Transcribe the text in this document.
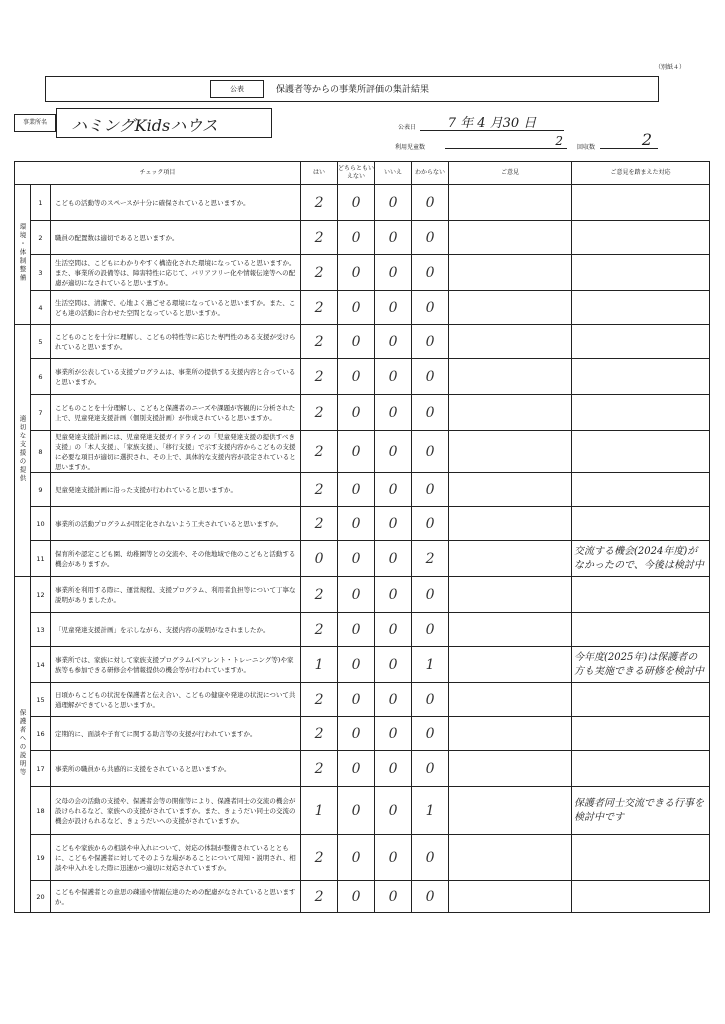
（別紙４）
公表	保護者等からの事業所評価の集計結果
事業所名	ハミングKidsハウス	公表日	7 年 4 月30 日
利用児童数	2	回収数	2
チェック項目			はい	どちらともいえない	いいえ	わからない	ご意見	ご意見を踏まえた対応
環境・体制整備	1	こどもの活動等のスペースが十分に確保されていると思いますか。	2	0	0	0		
	2	職員の配置数は適切であると思いますか。	2	0	0	0		
	3	生活空間は、こどもにわかりやすく構造化された環境になっていると思いますか。また、事業所の設備等は、障害特性に応じて、バリアフリー化や情報伝達等への配慮が適切になされていると思いますか。	2	0	0	0		
	4	生活空間は、清潔で、心地よく過ごせる環境になっていると思いますか。また、こども達の活動に合わせた空間となっていると思いますか。	2	0	0	0		
適切な支援の提供	5	こどものことを十分に理解し、こどもの特性等に応じた専門性のある支援が受けられていると思いますか。	2	0	0	0		
	6	事業所が公表している支援プログラムは、事業所の提供する支援内容と合っていると思いますか。	2	0	0	0		
	7	こどものことを十分理解し、こどもと保護者のニーズや課題が客観的に分析された上で、児童発達支援計画（個別支援計画）が作成されていると思いますか。	2	0	0	0		
	8	児童発達支援計画には、児童発達支援ガイドラインの「児童発達支援の提供すべき支援」の「本人支援」、「家族支援」、「移行支援」で示す支援内容からこどもの支援に必要な項目が適切に選択され、その上で、具体的な支援内容が設定されていると思いますか。	2	0	0	0		
	9	児童発達支援計画に沿った支援が行われていると思いますか。	2	0	0	0		
	10	事業所の活動プログラムが固定化されないよう工夫されていると思いますか。	2	0	0	0		
	11	保育所や認定こども園、幼稚園等との交流や、その他地域で他のこどもと活動する機会がありますか。	0	0	0	2		交流する機会(2024年度)がなかったので、今後は検討中
保護者への説明等	12	事業所を利用する際に、運営規程、支援プログラム、利用者負担等について丁寧な説明がありましたか。	2	0	0	0		
	13	「児童発達支援計画」を示しながら、支援内容の説明がなされましたか。	2	0	0	0		
	14	事業所では、家族に対して家族支援プログラム(ペアレント・トレーニング等)や家族等も参加できる研修会や情報提供の機会等が行われていますか。	1	0	0	1		今年度(2025年)は保護者の方も実施できる研修を検討中
	15	日頃からこどもの状況を保護者と伝え合い、こどもの健康や発達の状況について共通理解ができていると思いますか。	2	0	0	0		
	16	定期的に、面談や子育てに関する助言等の支援が行われていますか。	2	0	0	0		
	17	事業所の職員から共感的に支援をされていると思いますか。	2	0	0	0		
	18	父母の会の活動の支援や、保護者会等の開催等により、保護者同士の交流の機会が設けられるなど、家族への支援がされていますか。また、きょうだい同士の交流の機会が設けられるなど、きょうだいへの支援がされていますか。	1	0	0	1		保護者同士交流できる行事を検討中です
	19	こどもや家族からの相談や申入れについて、対応の体制が整備されているとともに、こどもや保護者に対してそのような場があることについて周知・説明され、相談や申入れをした際に迅速かつ適切に対応されていますか。	2	0	0	0		
	20	こどもや保護者との意思の疎通や情報伝達のための配慮がなされていると思いますか。	2	0	0	0		
